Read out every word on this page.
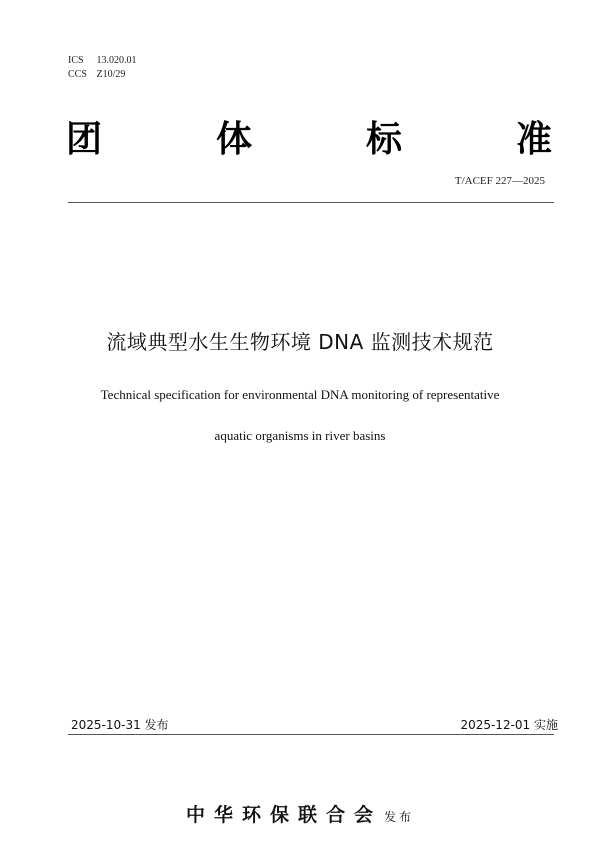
ICS 13.020.01
CCS Z10/29
团	体	标	准
T/ACEF 227—2025
流域典型水生生物环境 DNA 监测技术规范
Technical specification for environmental DNA monitoring of representative
aquatic organisms in river basins
2025-10-31 发布	2025-12-01 实施
中华环保联合会 发布
